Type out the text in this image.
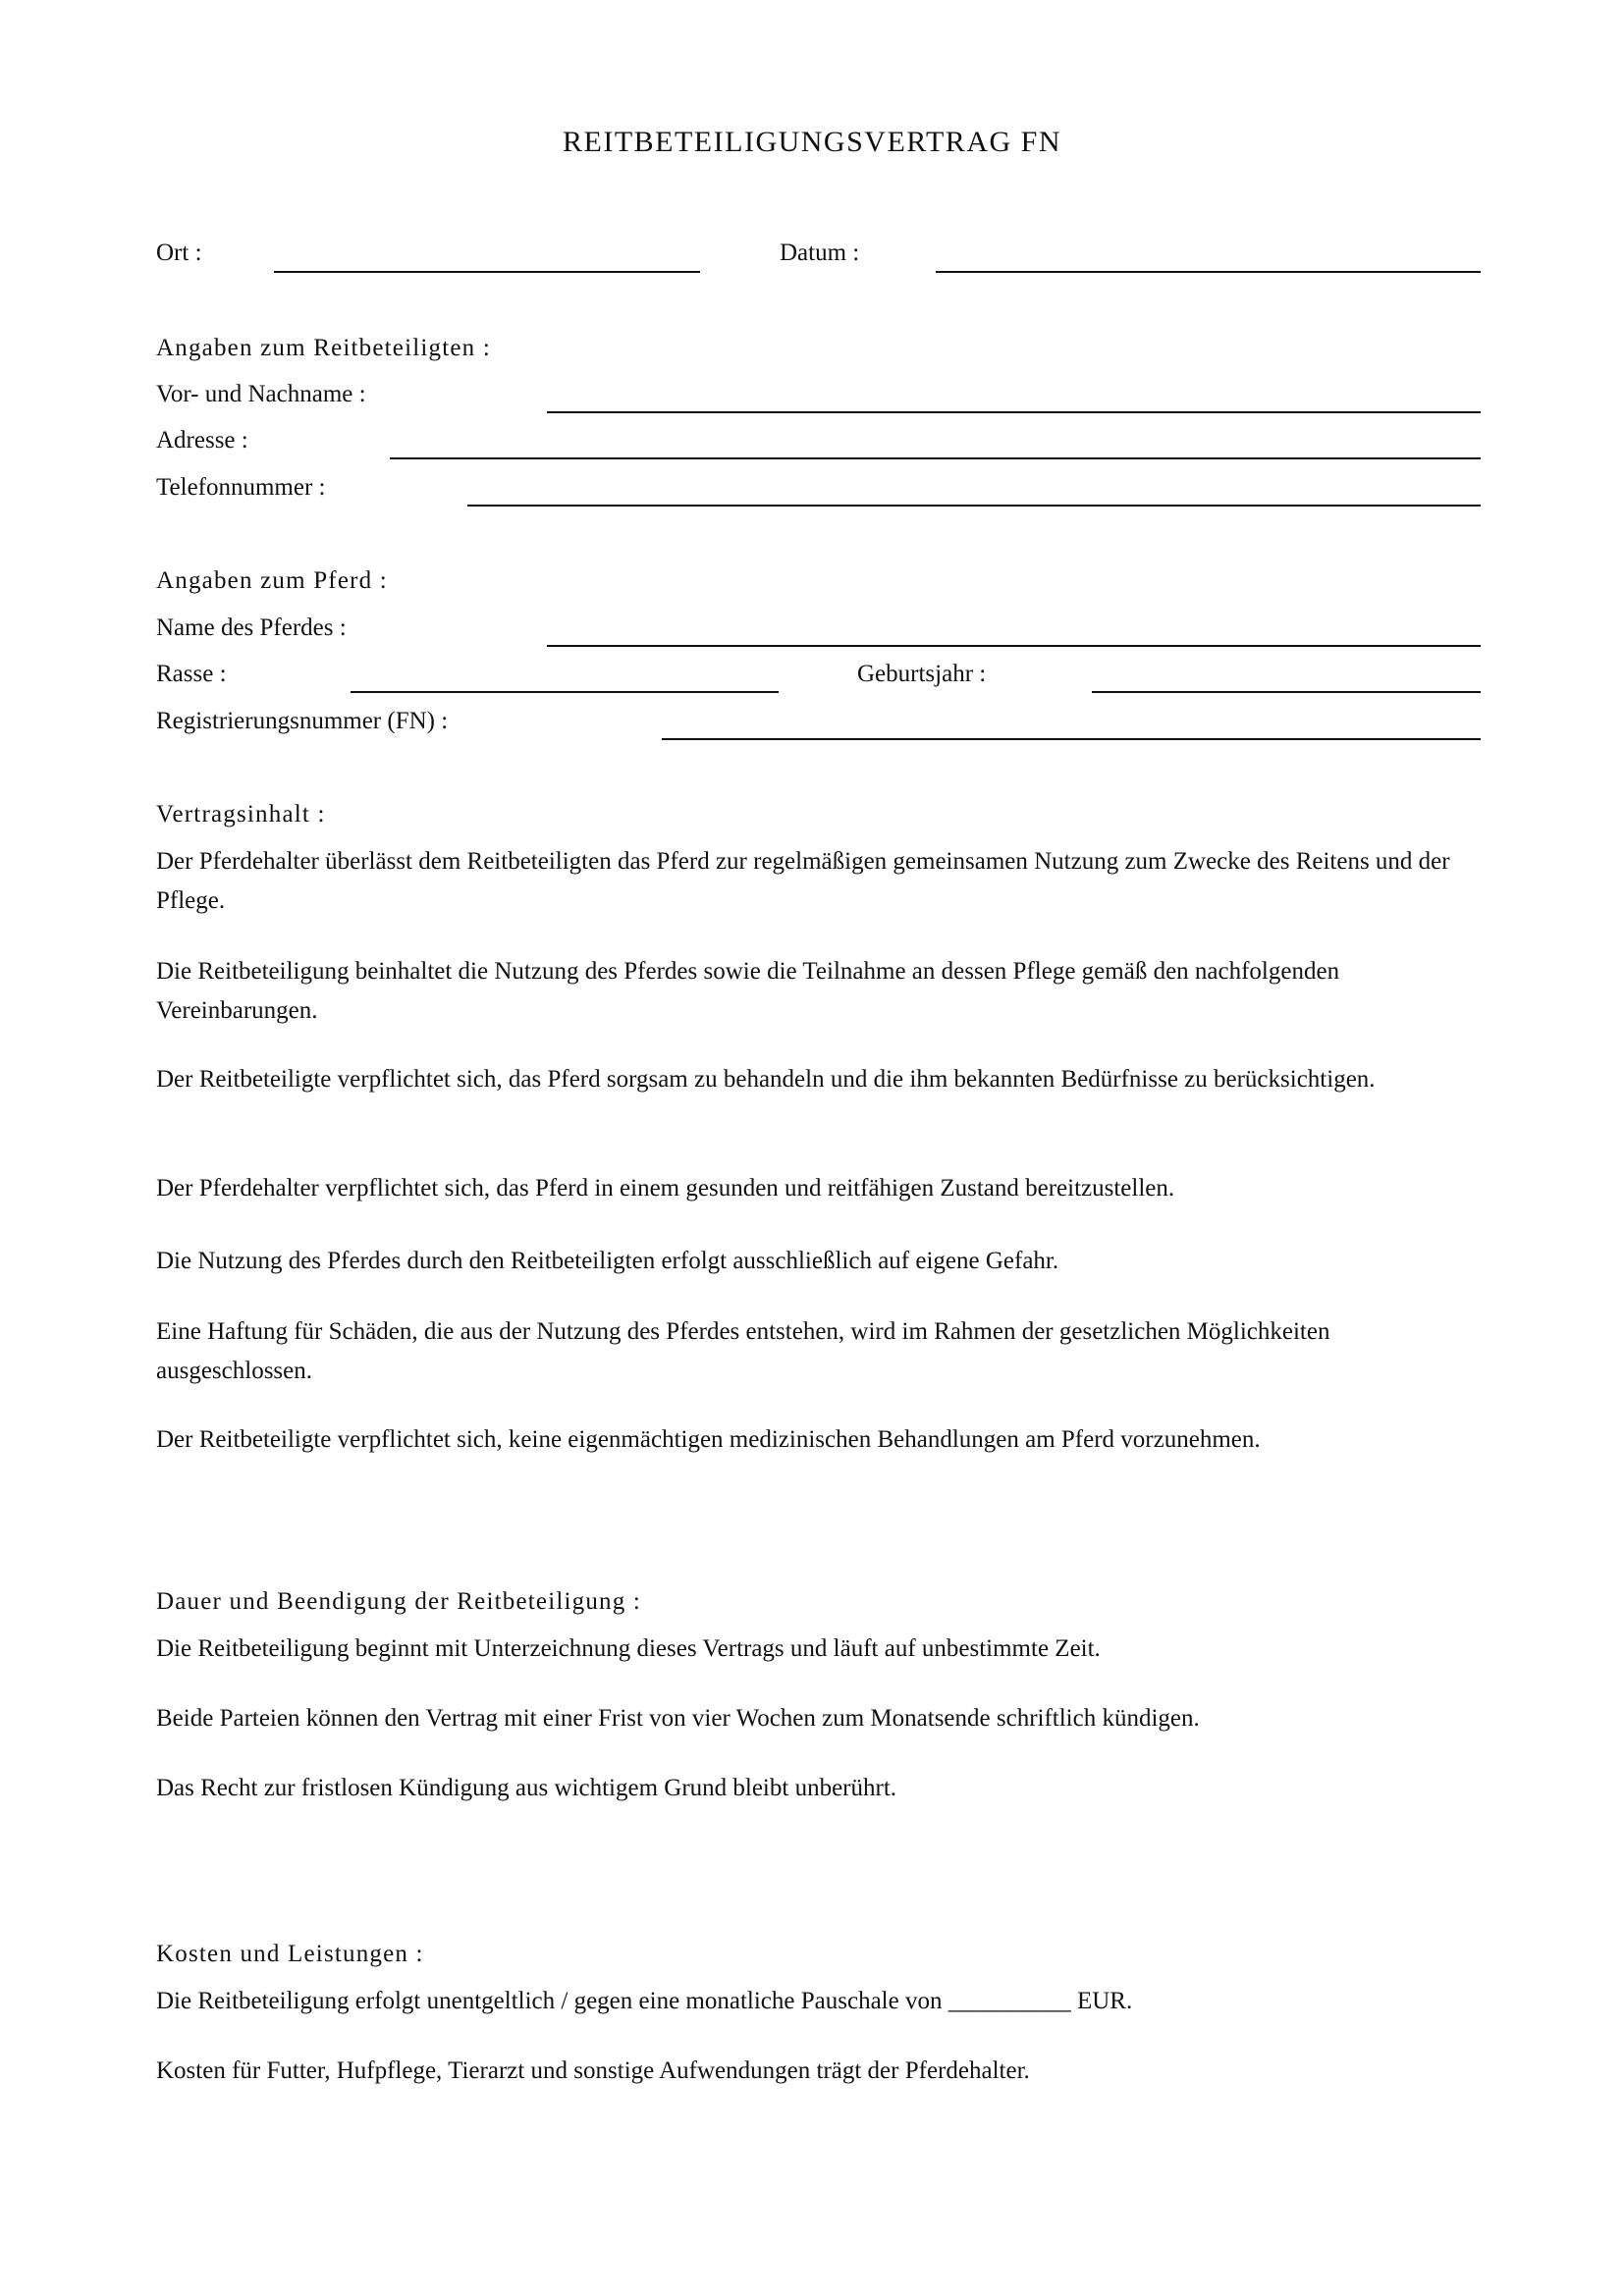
REITBETEILIGUNGSVERTRAG FN
Ort :	Datum :
Angaben zum Reitbeteiligten :
Vor- und Nachname :
Adresse :
Telefonnummer :
Angaben zum Pferd :
Name des Pferdes :
Rasse :	Geburtsjahr :
Registrierungsnummer (FN) :
Vertragsinhalt :
Der Pferdehalter überlässt dem Reitbeteiligten das Pferd zur regelmäßigen gemeinsamen Nutzung zum Zwecke des Reitens und der Pflege.
Die Reitbeteiligung beinhaltet die Nutzung des Pferdes sowie die Teilnahme an dessen Pflege gemäß den nachfolgenden Vereinbarungen.
Der Reitbeteiligte verpflichtet sich, das Pferd sorgsam zu behandeln und die ihm bekannten Bedürfnisse zu berücksichtigen.
Der Pferdehalter verpflichtet sich, das Pferd in einem gesunden und reitfähigen Zustand bereitzustellen.
Die Nutzung des Pferdes durch den Reitbeteiligten erfolgt ausschließlich auf eigene Gefahr.
Eine Haftung für Schäden, die aus der Nutzung des Pferdes entstehen, wird im Rahmen der gesetzlichen Möglichkeiten ausgeschlossen.
Der Reitbeteiligte verpflichtet sich, keine eigenmächtigen medizinischen Behandlungen am Pferd vorzunehmen.
Dauer und Beendigung der Reitbeteiligung :
Die Reitbeteiligung beginnt mit Unterzeichnung dieses Vertrags und läuft auf unbestimmte Zeit.
Beide Parteien können den Vertrag mit einer Frist von vier Wochen zum Monatsende schriftlich kündigen.
Das Recht zur fristlosen Kündigung aus wichtigem Grund bleibt unberührt.
Kosten und Leistungen :
Die Reitbeteiligung erfolgt unentgeltlich / gegen eine monatliche Pauschale von __________ EUR.
Kosten für Futter, Hufpflege, Tierarzt und sonstige Aufwendungen trägt der Pferdehalter.
